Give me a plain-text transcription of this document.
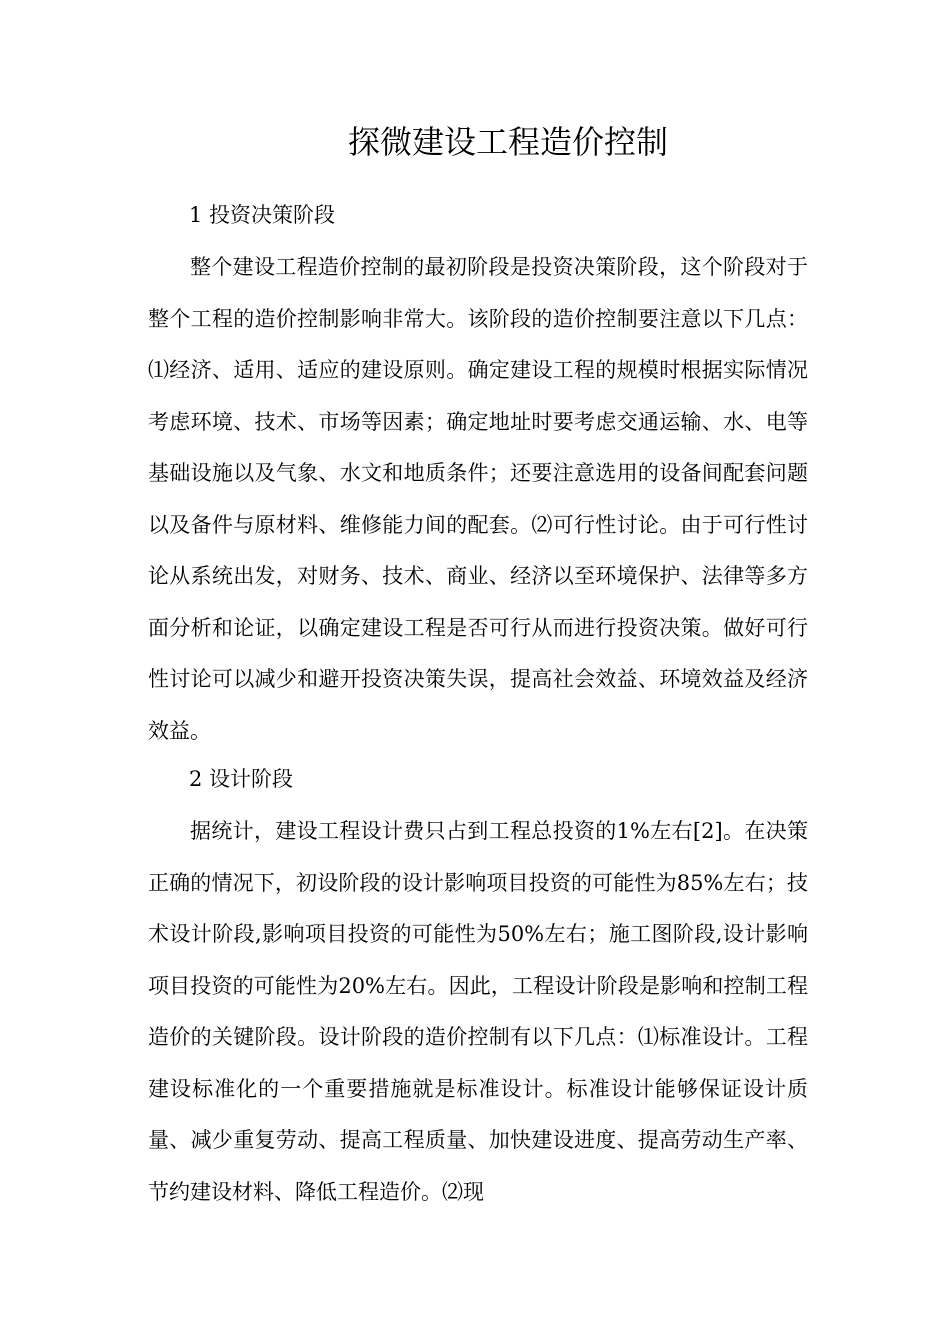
探微建设工程造价控制
1 投资决策阶段

整个建设工程造价控制的最初阶段是投资决策阶段，这个阶段对于整个工程的造价控制影响非常大。该阶段的造价控制要注意以下几点：⑴经济、适用、适应的建设原则。确定建设工程的规模时根据实际情况考虑环境、技术、市场等因素；确定地址时要考虑交通运输、水、电等基础设施以及气象、水文和地质条件；还要注意选用的设备间配套问题以及备件与原材料、维修能力间的配套。⑵可行性讨论。由于可行性讨论从系统出发，对财务、技术、商业、经济以至环境保护、法律等多方面分析和论证，以确定建设工程是否可行从而进行投资决策。做好可行性讨论可以减少和避开投资决策失误，提高社会效益、环境效益及经济效益。

2 设计阶段

据统计，建设工程设计费只占到工程总投资的1%左右[2]。在决策正确的情况下，初设阶段的设计影响项目投资的可能性为85%左右；技术设计阶段,影响项目投资的可能性为50%左右；施工图阶段,设计影响项目投资的可能性为20%左右。因此，工程设计阶段是影响和控制工程造价的关键阶段。设计阶段的造价控制有以下几点：⑴标准设计。工程建设标准化的一个重要措施就是标准设计。标准设计能够保证设计质量、减少重复劳动、提高工程质量、加快建设进度、提高劳动生产率、节约建设材料、降低工程造价。⑵现
